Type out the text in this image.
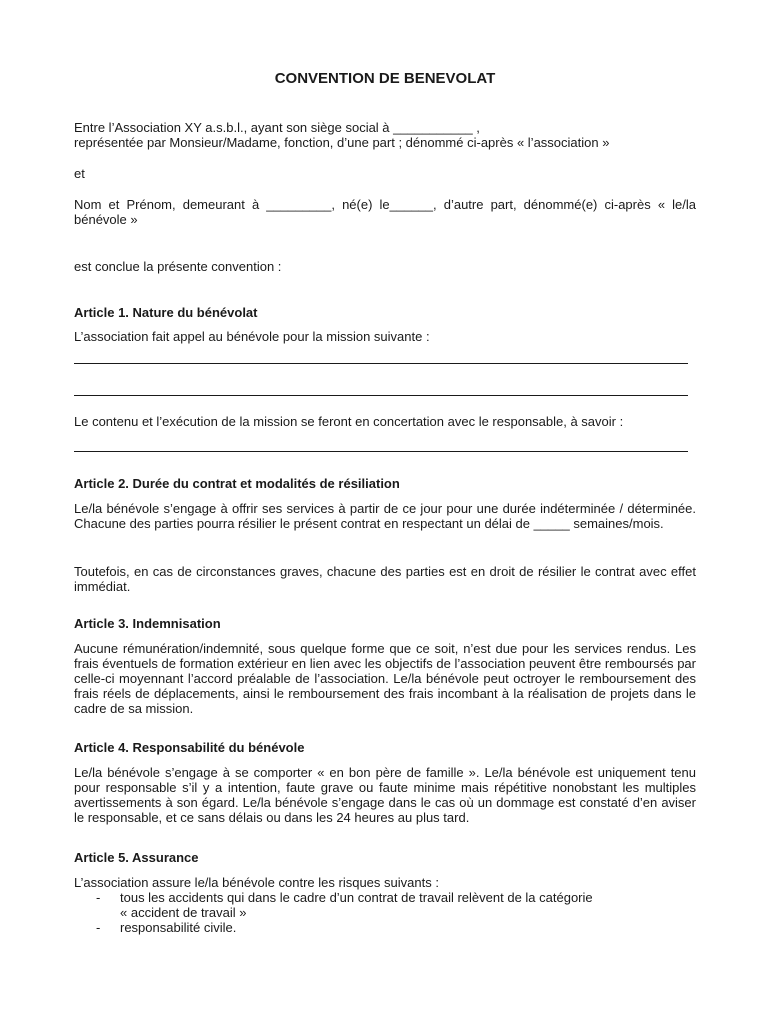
CONVENTION DE BENEVOLAT
Entre l’Association XY a.s.b.l., ayant son siège social à ___________ ,
représentée par Monsieur/Madame, fonction, d’une part ; dénommé ci-après « l’association »
et
Nom et Prénom, demeurant à _________, né(e) le______, d’autre part, dénommé(e) ci-après « le/la bénévole »
est conclue la présente convention :
Article 1. Nature du bénévolat
L’association fait appel au bénévole pour la mission suivante :
Le contenu et l’exécution de la mission se feront en concertation avec le responsable, à savoir :
Article 2. Durée du contrat et modalités de résiliation
Le/la bénévole s’engage à offrir ses services à partir de ce jour pour une durée indéterminée / déterminée. Chacune des parties pourra résilier le présent contrat en respectant un délai de _____ semaines/mois.
Toutefois, en cas de circonstances graves, chacune des parties est en droit de résilier le contrat avec effet immédiat.
Article 3. Indemnisation
Aucune rémunération/indemnité, sous quelque forme que ce soit, n’est due pour les services rendus. Les frais éventuels de formation extérieur en lien avec les objectifs de l’association peuvent être remboursés par celle-ci moyennant l’accord préalable de l’association. Le/la bénévole peut octroyer le remboursement des frais réels de déplacements, ainsi le remboursement des frais incombant à la réalisation de projets dans le cadre de sa mission.
Article 4. Responsabilité du bénévole
Le/la bénévole s’engage à se comporter « en bon père de famille ». Le/la bénévole est uniquement tenu pour responsable s’il y a intention, faute grave ou faute minime mais répétitive nonobstant les multiples avertissements à son égard. Le/la bénévole s’engage dans le cas où un dommage est constaté d’en aviser le responsable, et ce sans délais ou dans les 24 heures au plus tard.
Article 5. Assurance
L’association assure le/la bénévole contre les risques suivants :
-	tous les accidents qui dans le cadre d’un contrat de travail relèvent de la catégorie
« accident de travail »
-	responsabilité civile.
